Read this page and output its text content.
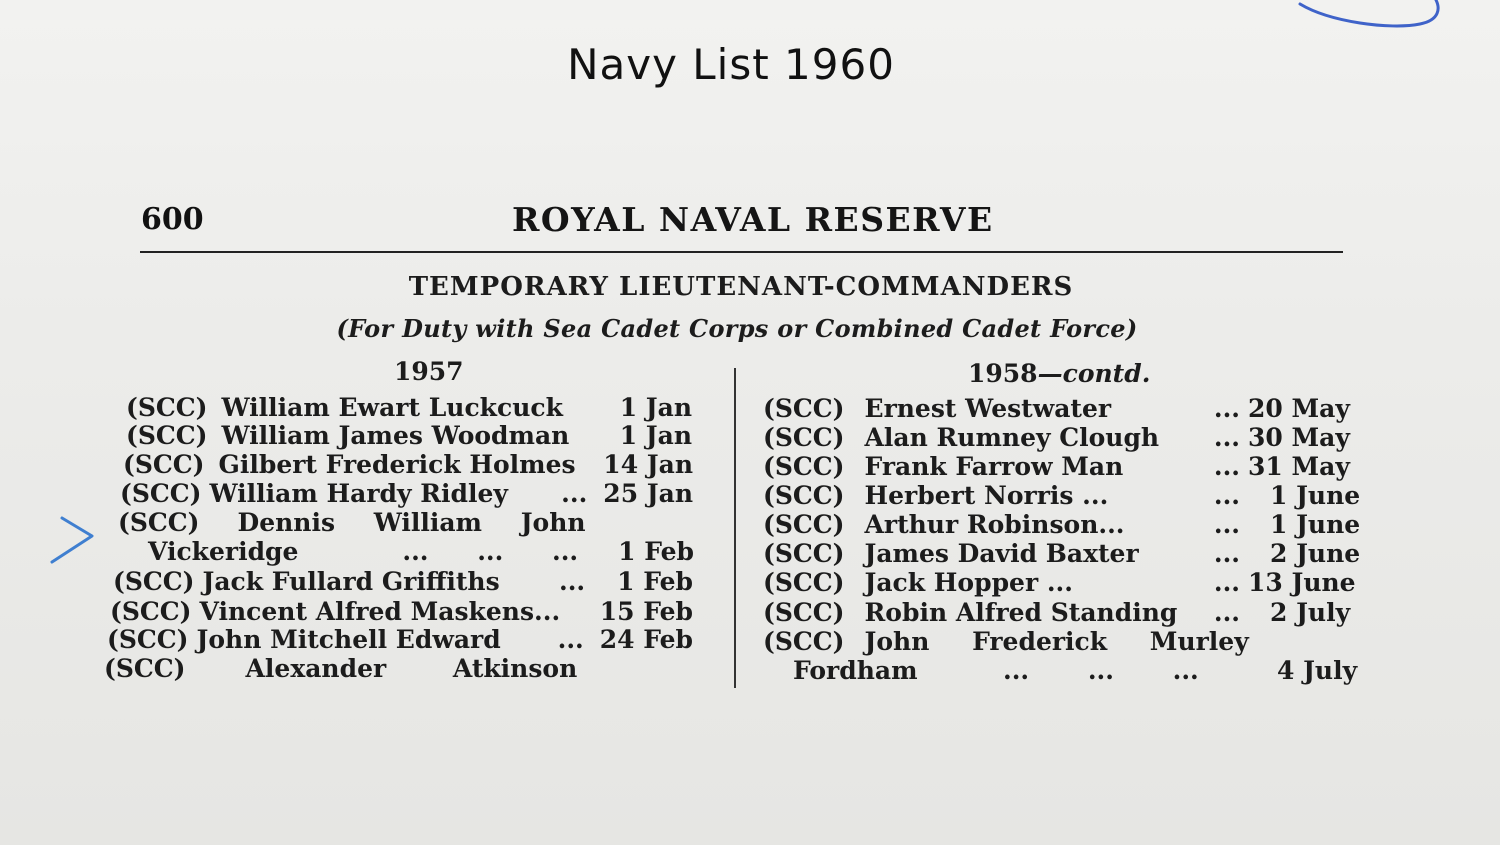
Navy List 1960
600	ROYAL NAVAL RESERVE
TEMPORARY LIEUTENANT-COMMANDERS
(For Duty with Sea Cadet Corps or Combined Cadet Force)
1957	1958—contd.
(SCC) William Ewart Luckcuck	1 Jan
(SCC) William James Woodman	1 Jan
(SCC) Gilbert Frederick Holmes	14 Jan
(SCC) William Hardy Ridley	... 25 Jan
(SCC) Dennis William John
Vickeridge	... ... ... 1 Feb
(SCC) Jack Fullard Griffiths	... 1 Feb
(SCC) Vincent Alfred Maskens...	15 Feb
(SCC) John Mitchell Edward	... 24 Feb
(SCC) Alexander Atkinson
(SCC) Ernest Westwater	... 20 May
(SCC) Alan Rumney Clough	... 30 May
(SCC) Frank Farrow Man	... 31 May
(SCC) Herbert Norris ...	...	1 June
(SCC) Arthur Robinson...	...	1 June
(SCC) James David Baxter	...	2 June
(SCC) Jack Hopper ...	... 13 June
(SCC) Robin Alfred Standing	...	2 July
(SCC) John Frederick Murley
Fordham	... ... ...	4 July
